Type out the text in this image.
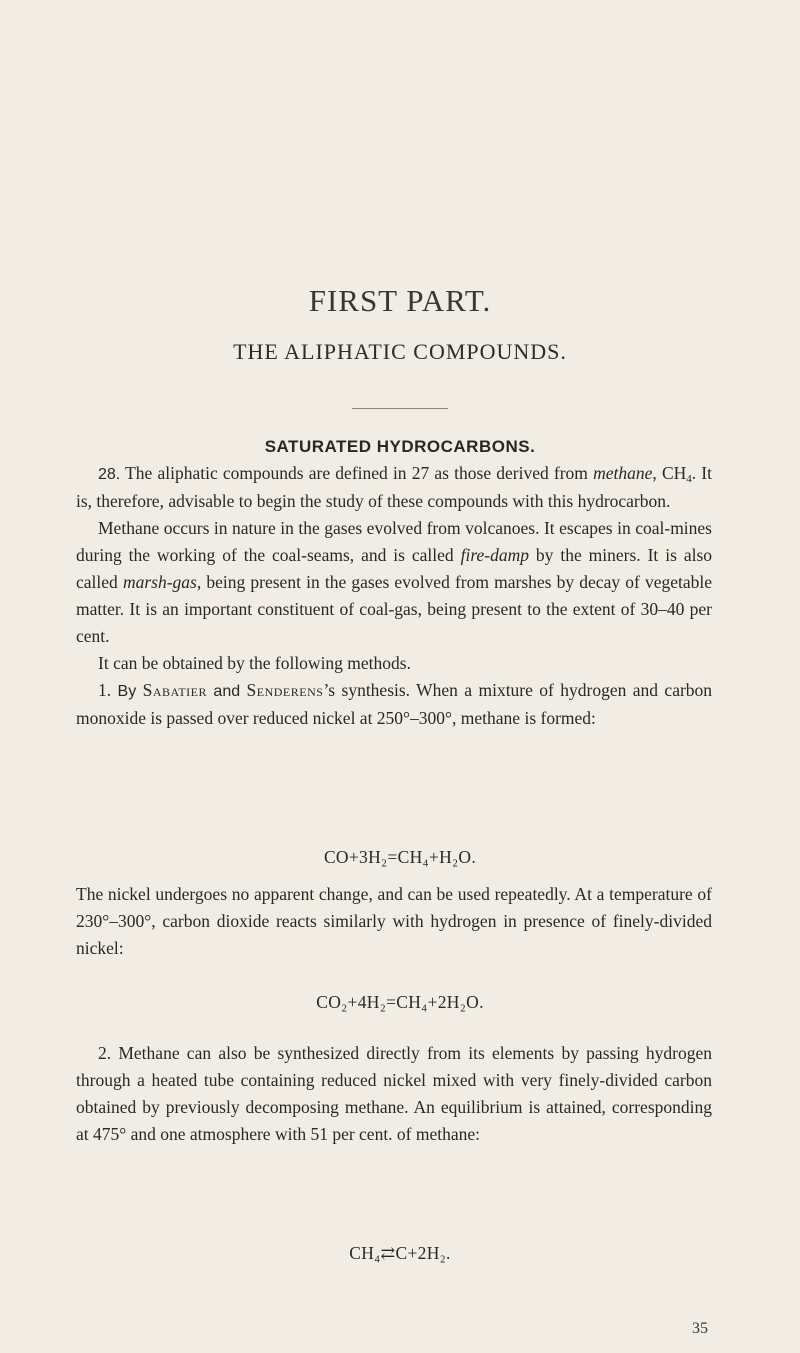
FIRST PART.
THE ALIPHATIC COMPOUNDS.
SATURATED HYDROCARBONS.

28. The aliphatic compounds are defined in 27 as those derived from methane, $CH_4$. It is, therefore, advisable to begin the study of these compounds with this hydrocarbon.

Methane occurs in nature in the gases evolved from volcanoes. It escapes in coal-mines during the working of the coal-seams, and is called fire-damp by the miners. It is also called marsh-gas, being present in the gases evolved from marshes by decay of vegetable matter. It is an important constituent of coal-gas, being present to the extent of 30–40 per cent.

It can be obtained by the following methods.

1. By Sabatier and Senderens’s synthesis. When a mixture of hydrogen and carbon monoxide is passed over reduced nickel at 250°–300°, methane is formed:

CO+3H₂=CH₄+H₂O.

The nickel undergoes no apparent change, and can be used repeatedly. At a temperature of 230°–300°, carbon dioxide reacts similarly with hydrogen in presence of finely-divided nickel:

CO₂+4H₂=CH₄+2H₂O.

2. Methane can also be synthesized directly from its elements by passing hydrogen through a heated tube containing reduced nickel mixed with very finely-divided carbon obtained by previously decomposing methane. An equilibrium is attained, corresponding at 475° and one atmosphere with 51 per cent. of methane:

CH₄⇄C+2H₂.
35
